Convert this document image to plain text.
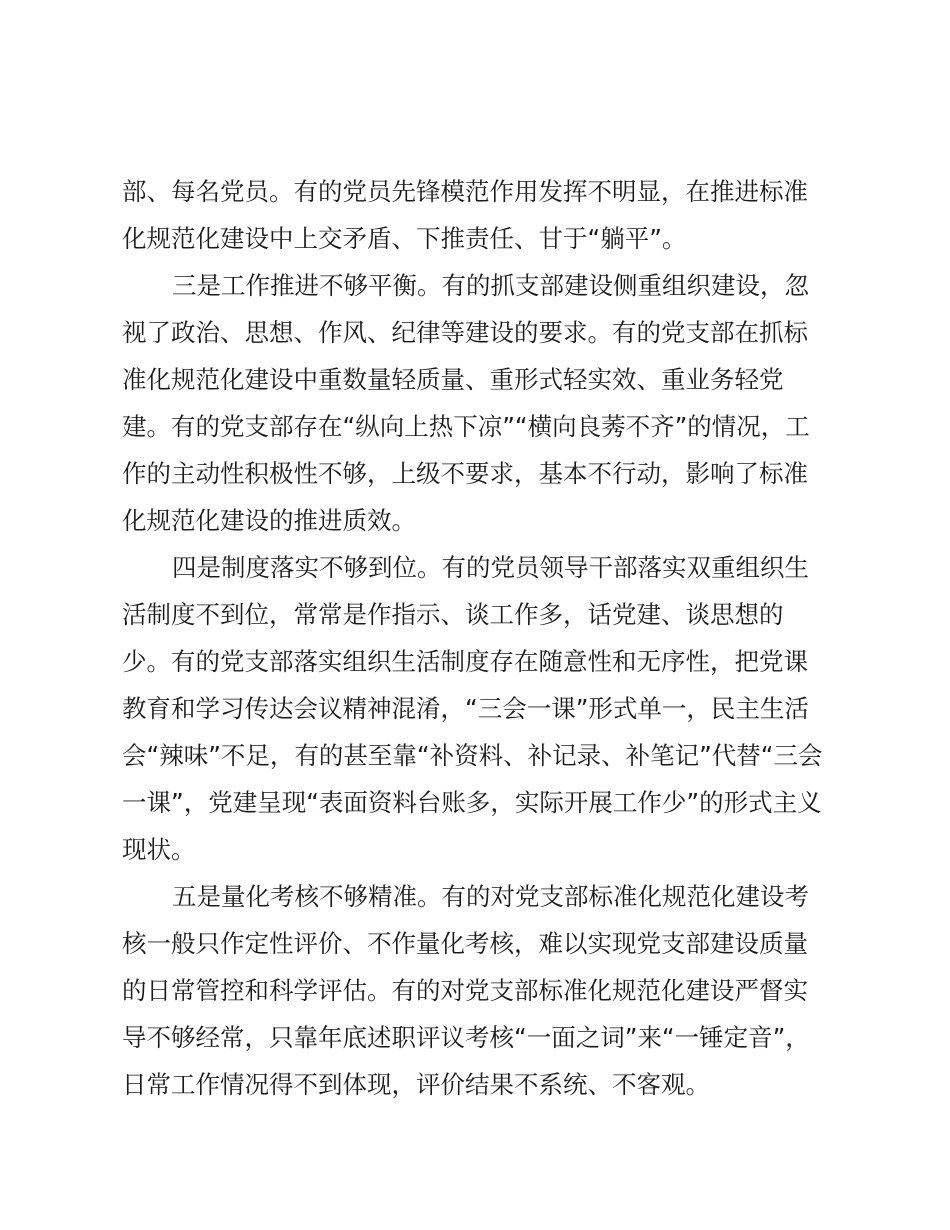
部、每名党员。有的党员先锋模范作用发挥不明显，在推进标准
化规范化建设中上交矛盾、下推责任、甘于“躺平”。
三是工作推进不够平衡。有的抓支部建设侧重组织建设，忽
视了政治、思想、作风、纪律等建设的要求。有的党支部在抓标
准化规范化建设中重数量轻质量、重形式轻实效、重业务轻党
建。有的党支部存在“纵向上热下凉”“横向良莠不齐”的情况，工
作的主动性积极性不够，上级不要求，基本不行动，影响了标准
化规范化建设的推进质效。
四是制度落实不够到位。有的党员领导干部落实双重组织生
活制度不到位，常常是作指示、谈工作多，话党建、谈思想的
少。有的党支部落实组织生活制度存在随意性和无序性，把党课
教育和学习传达会议精神混淆，“三会一课”形式单一，民主生活
会“辣味”不足，有的甚至靠“补资料、补记录、补笔记”代替“三会
一课”，党建呈现“表面资料台账多，实际开展工作少”的形式主义
现状。
五是量化考核不够精准。有的对党支部标准化规范化建设考
核一般只作定性评价、不作量化考核，难以实现党支部建设质量
的日常管控和科学评估。有的对党支部标准化规范化建设严督实
导不够经常，只靠年底述职评议考核“一面之词”来“一锤定音”，
日常工作情况得不到体现，评价结果不系统、不客观。
